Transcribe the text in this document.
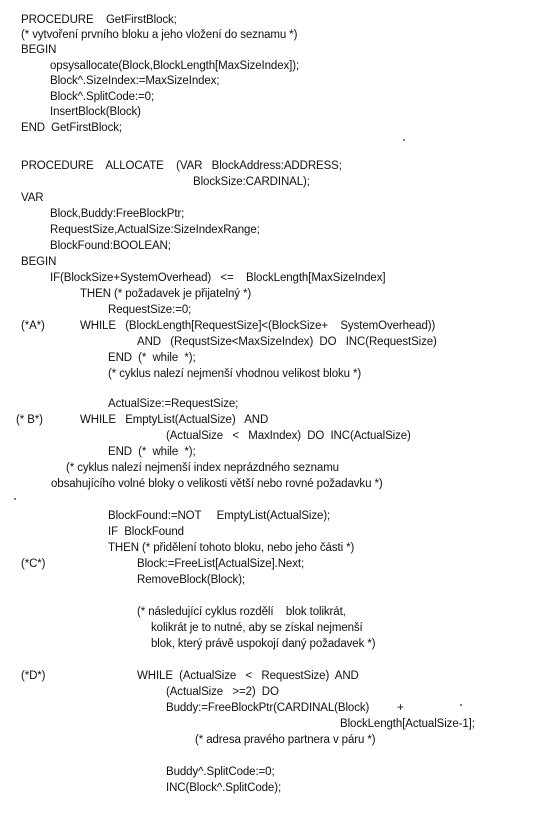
PROCEDURE    GetFirstBlock;
(* vytvoření prvního bloku a jeho vložení do seznamu *)
BEGIN
opsysallocate(Block,BlockLength[MaxSizeIndex]);
Block^.SizeIndex:=MaxSizeIndex;
Block^.SplitCode:=0;
InsertBlock(Block)
END  GetFirstBlock;
PROCEDURE    ALLOCATE    (VAR   BlockAddress:ADDRESS;
BlockSize:CARDINAL);
VAR
Block,Buddy:FreeBlockPtr;
RequestSize,ActualSize:SizeIndexRange;
BlockFound:BOOLEAN;
BEGIN
IF(BlockSize+SystemOverhead)   <=    BlockLength[MaxSizeIndex]
THEN (* požadavek je přijatelný *)
RequestSize:=0;
(*A*)	WHILE   (BlockLength[RequestSize]<(BlockSize+    SystemOverhead))
AND   (RequstSize<MaxSizeIndex)  DO   INC(RequestSize)
END  (*  while  *);
(* cyklus nalezí nejmenší vhodnou velikost bloku *)
ActualSize:=RequestSize;
(* B*)	WHILE   EmptyList(ActualSize)   AND
(ActualSize   <   MaxIndex)  DO  INC(ActualSize)
END  (*  while  *);
(* cyklus nalezí nejmenší index neprázdného seznamu
obsahujícího volné bloky o velikosti větší nebo rovné požadavku *)
BlockFound:=NOT     EmptyList(ActualSize);
IF  BlockFound
THEN (* přidělení tohoto bloku, nebo jeho části *)
(*C*)	Block:=FreeList[ActualSize].Next;
RemoveBlock(Block);
(* následující cyklus rozdělí    blok tolikrát,
kolikrát je to nutné, aby se získal nejmenší
blok, který právě uspokojí daný požadavek *)
(*D*)	WHILE  (ActualSize   <   RequestSize)  AND
(ActualSize   >=2)  DO
Buddy:=FreeBlockPtr(CARDINAL(Block)         +
BlockLength[ActualSize-1];
(* adresa pravého partnera v páru *)
Buddy^.SplitCode:=0;
INC(Block^.SplitCode);
